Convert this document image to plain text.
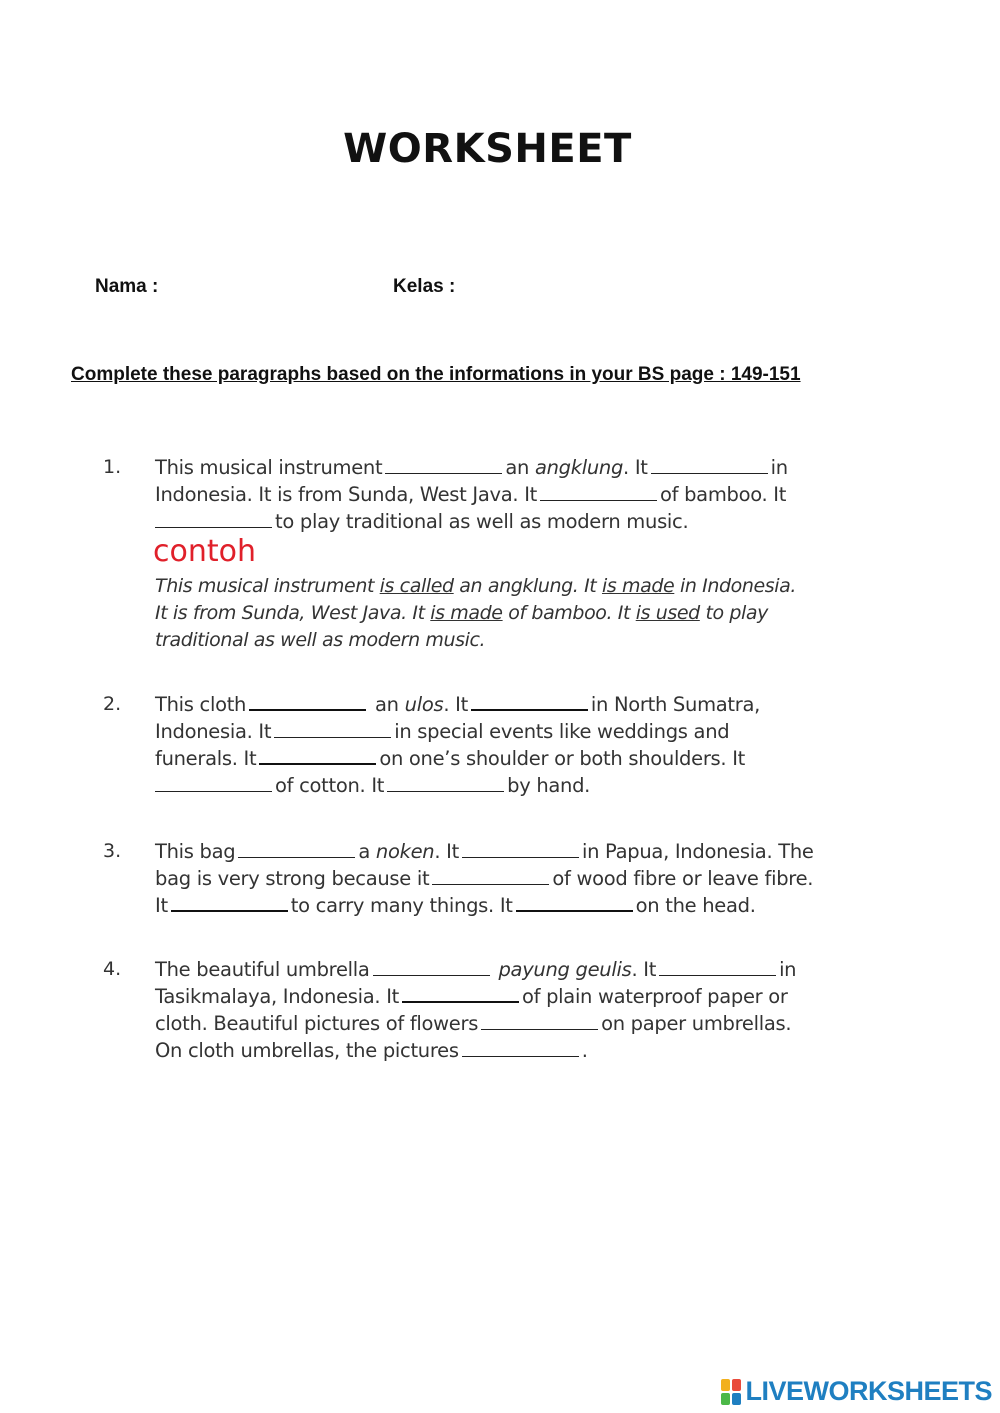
WORKSHEET
Nama :	Kelas :
Complete these paragraphs based on the informations in your BS page : 149-151
1. This musical instrument	an angklung. It	in
Indonesia. It is from Sunda, West Java. It	of bamboo. It
to play traditional as well as modern music.
contoh
This musical instrument is called an angklung. It is made in Indonesia.
It is from Sunda, West Java. It is made of bamboo. It is used to play
traditional as well as modern music.
2. This cloth	an ulos. It	in North Sumatra,
Indonesia. It	in special events like weddings and
funerals. It	on one’s shoulder or both shoulders. It
of cotton. It	by hand.
3. This bag	a noken. It	in Papua, Indonesia. The
bag is very strong because it	of wood fibre or leave fibre.
It	to carry many things. It	on the head.
4. The beautiful umbrella	payung geulis. It	in
Tasikmalaya, Indonesia. It	of plain waterproof paper or
cloth. Beautiful pictures of flowers	on paper umbrellas.
On cloth umbrellas, the pictures	.
LIVEWORKSHEETS
